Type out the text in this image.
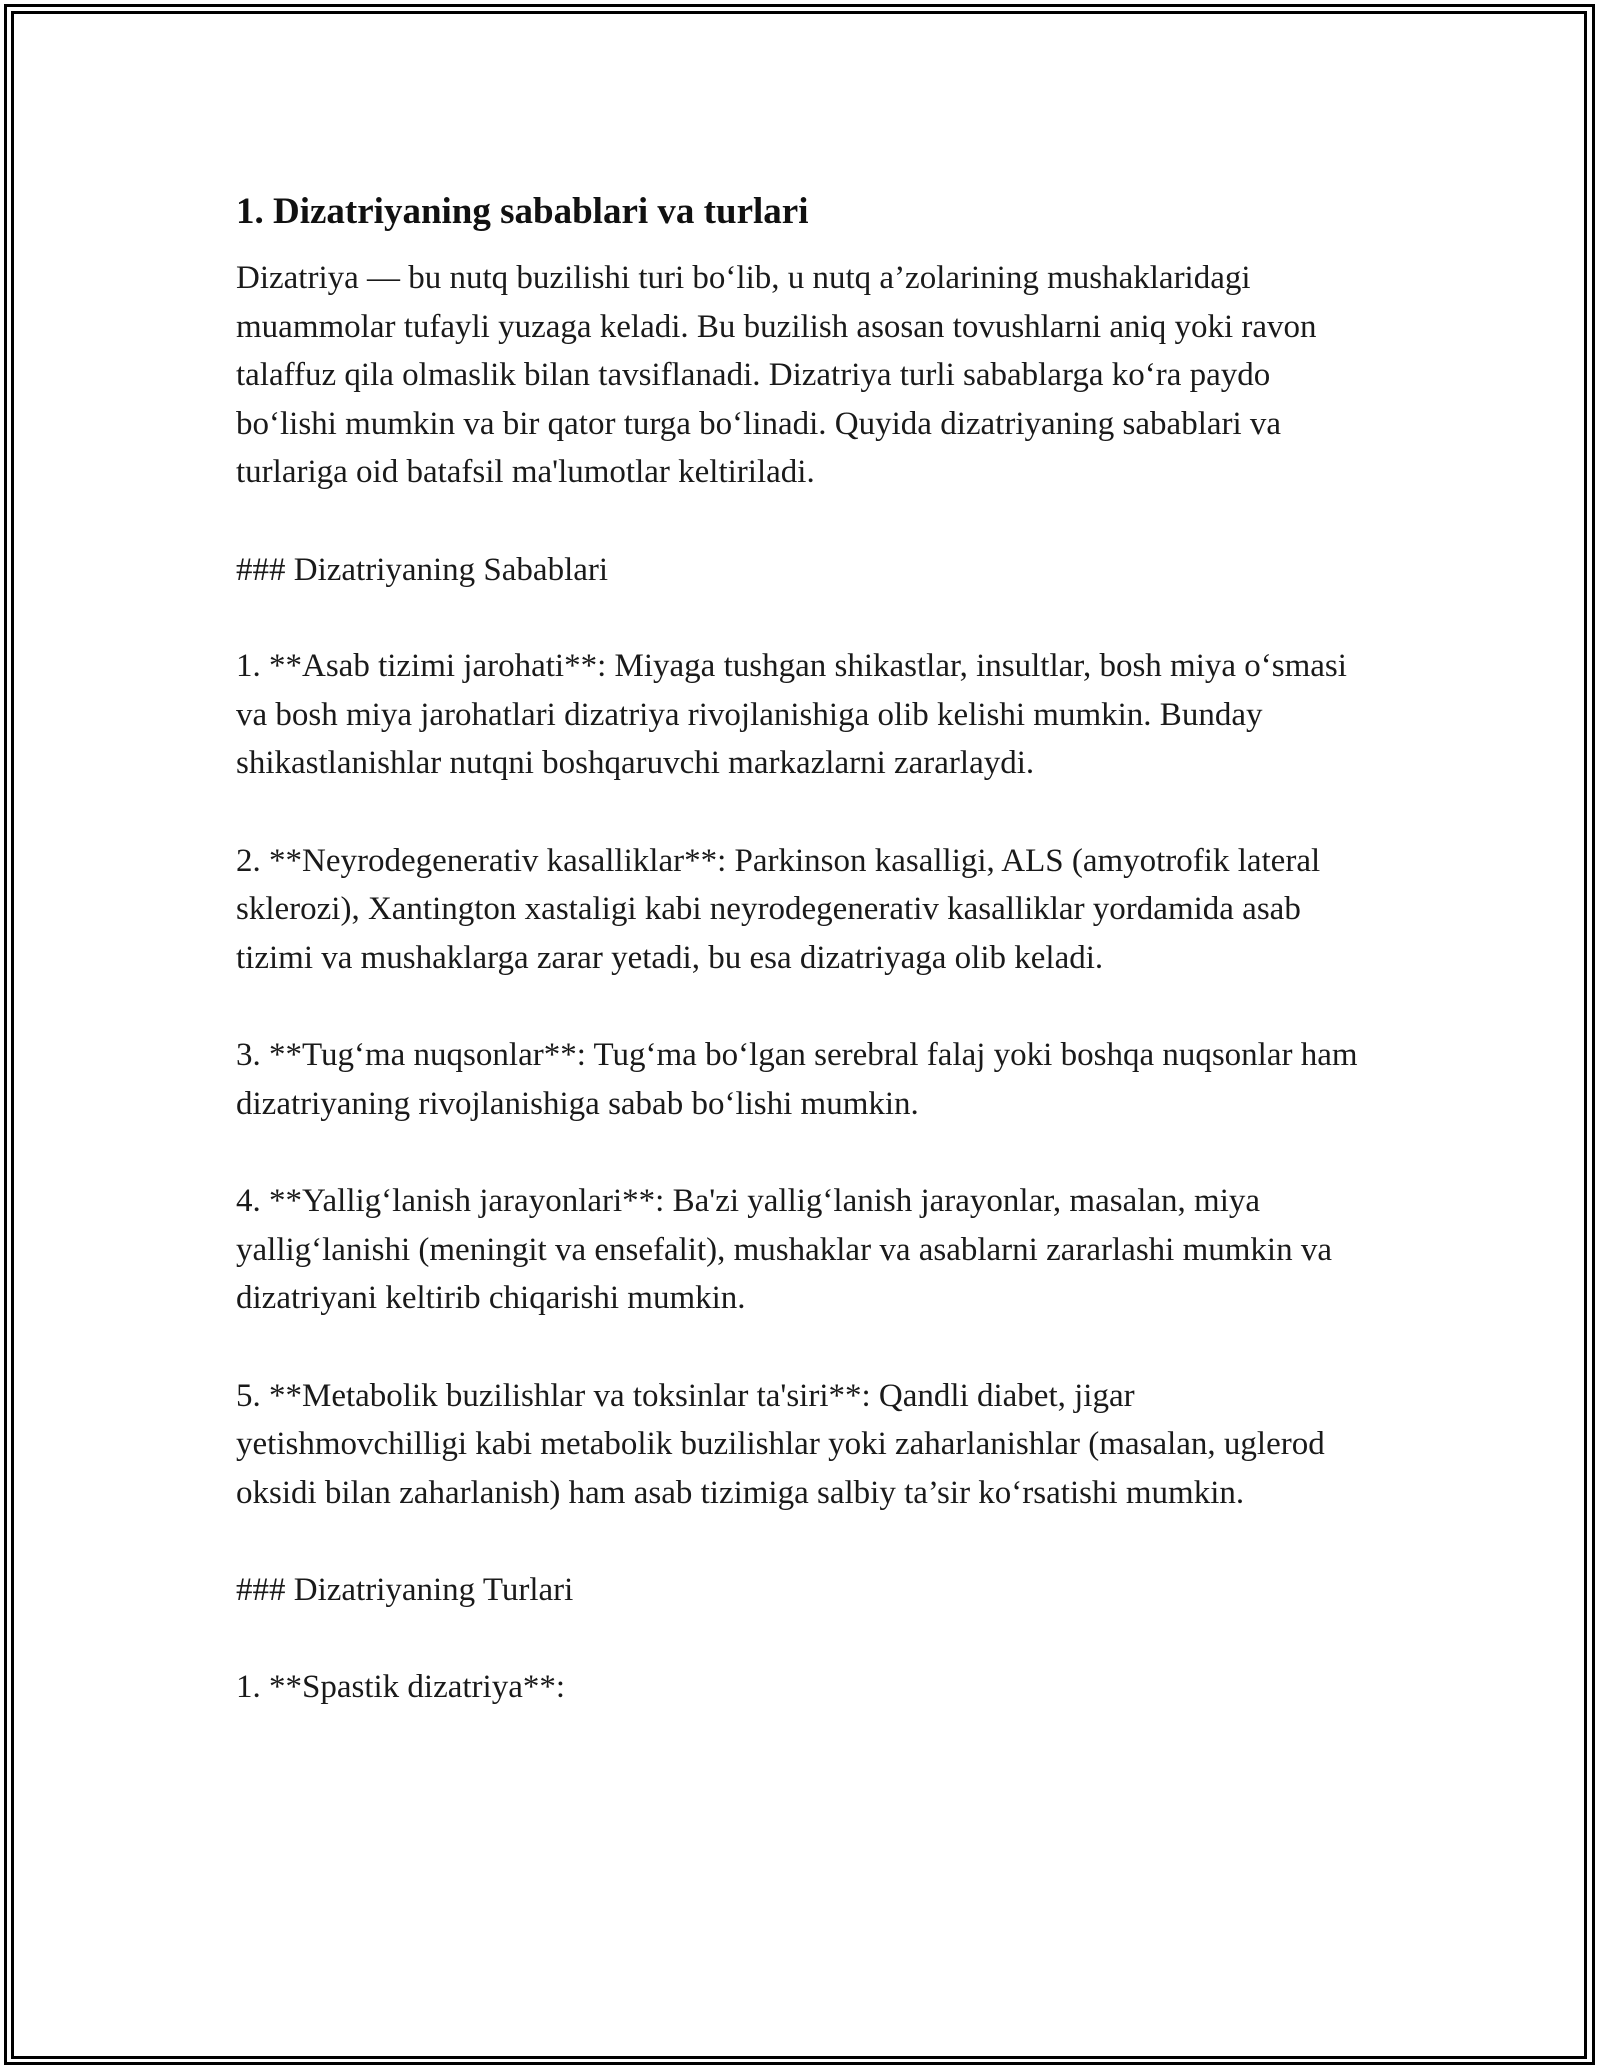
1. Dizatriyaning sabablari va turlari

Dizatriya — bu nutq buzilishi turi bo‘lib, u nutq a’zolarining mushaklaridagi muammolar tufayli yuzaga keladi. Bu buzilish asosan tovushlarni aniq yoki ravon talaffuz qila olmaslik bilan tavsiflanadi. Dizatriya turli sabablarga ko‘ra paydo bo‘lishi mumkin va bir qator turga bo‘linadi. Quyida dizatriyaning sabablari va turlariga oid batafsil ma'lumotlar keltiriladi.

### Dizatriyaning Sabablari

1. **Asab tizimi jarohati**: Miyaga tushgan shikastlar, insultlar, bosh miya o‘smasi va bosh miya jarohatlari dizatriya rivojlanishiga olib kelishi mumkin. Bunday shikastlanishlar nutqni boshqaruvchi markazlarni zararlaydi.

2. **Neyrodegenerativ kasalliklar**: Parkinson kasalligi, ALS (amyotrofik lateral sklerozi), Xantington xastaligi kabi neyrodegenerativ kasalliklar yordamida asab tizimi va mushaklarga zarar yetadi, bu esa dizatriyaga olib keladi.

3. **Tug‘ma nuqsonlar**: Tug‘ma bo‘lgan serebral falaj yoki boshqa nuqsonlar ham dizatriyaning rivojlanishiga sabab bo‘lishi mumkin.

4. **Yallig‘lanish jarayonlari**: Ba'zi yallig‘lanish jarayonlar, masalan, miya yallig‘lanishi (meningit va ensefalit), mushaklar va asablarni zararlashi mumkin va dizatriyani keltirib chiqarishi mumkin.

5. **Metabolik buzilishlar va toksinlar ta'siri**: Qandli diabet, jigar yetishmovchilligi kabi metabolik buzilishlar yoki zaharlanishlar (masalan, uglerod oksidi bilan zaharlanish) ham asab tizimiga salbiy ta’sir ko‘rsatishi mumkin.

### Dizatriyaning Turlari

1. **Spastik dizatriya**:
